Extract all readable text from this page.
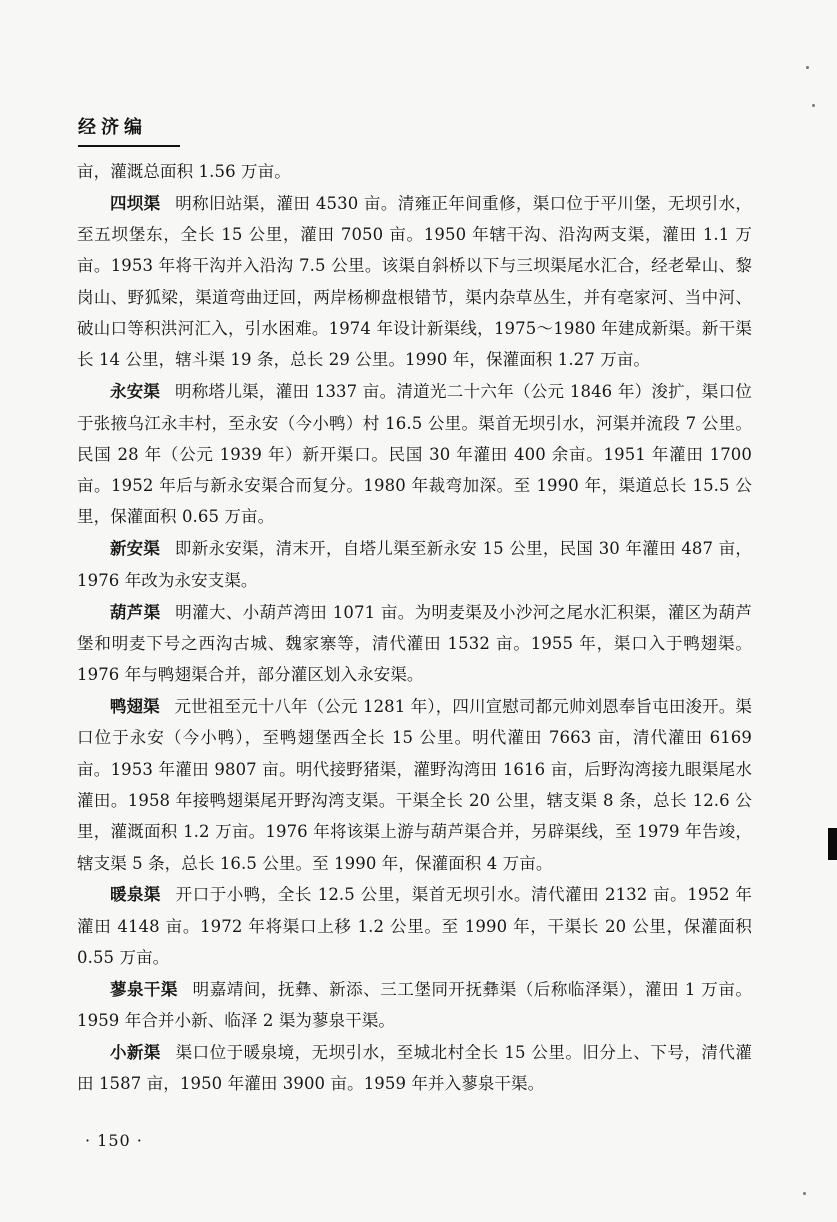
经济编

亩，灌溉总面积 1.56 万亩。

四坝渠 明称旧站渠，灌田 4530 亩。清雍正年间重修，渠口位于平川堡，无坝引水，至五坝堡东，全长 15 公里，灌田 7050 亩。1950 年辖干沟、沿沟两支渠，灌田 1.1 万亩。1953 年将干沟并入沿沟 7.5 公里。该渠自斜桥以下与三坝渠尾水汇合，经老晕山、黎岗山、野狐梁，渠道弯曲迂回，两岸杨柳盘根错节，渠内杂草丛生，并有亳家河、当中河、破山口等积洪河汇入，引水困难。1974 年设计新渠线，1975～1980 年建成新渠。新干渠长 14 公里，辖斗渠 19 条，总长 29 公里。1990 年，保灌面积 1.27 万亩。

永安渠 明称塔儿渠，灌田 1337 亩。清道光二十六年（公元 1846 年）浚扩，渠口位于张掖乌江永丰村，至永安（今小鸭）村 16.5 公里。渠首无坝引水，河渠并流段 7 公里。民国 28 年（公元 1939 年）新开渠口。民国 30 年灌田 400 余亩。1951 年灌田 1700 亩。1952 年后与新永安渠合而复分。1980 年裁弯加深。至 1990 年，渠道总长 15.5 公里，保灌面积 0.65 万亩。

新安渠 即新永安渠，清末开，自塔儿渠至新永安 15 公里，民国 30 年灌田 487 亩，1976 年改为永安支渠。

葫芦渠 明灌大、小葫芦湾田 1071 亩。为明麦渠及小沙河之尾水汇积渠，灌区为葫芦堡和明麦下号之西沟古城、魏家寨等，清代灌田 1532 亩。1955 年，渠口入于鸭翅渠。1976 年与鸭翅渠合并，部分灌区划入永安渠。

鸭翅渠 元世祖至元十八年（公元 1281 年），四川宣慰司都元帅刘恩奉旨屯田浚开。渠口位于永安（今小鸭），至鸭翅堡西全长 15 公里。明代灌田 7663 亩，清代灌田 6169 亩。1953 年灌田 9807 亩。明代接野猪渠，灌野沟湾田 1616 亩，后野沟湾接九眼渠尾水灌田。1958 年接鸭翅渠尾开野沟湾支渠。干渠全长 20 公里，辖支渠 8 条，总长 12.6 公里，灌溉面积 1.2 万亩。1976 年将该渠上游与葫芦渠合并，另辟渠线，至 1979 年告竣，辖支渠 5 条，总长 16.5 公里。至 1990 年，保灌面积 4 万亩。

暖泉渠 开口于小鸭，全长 12.5 公里，渠首无坝引水。清代灌田 2132 亩。1952 年灌田 4148 亩。1972 年将渠口上移 1.2 公里。至 1990 年，干渠长 20 公里，保灌面积 0.55 万亩。

蓼泉干渠 明嘉靖间，抚彝、新添、三工堡同开抚彝渠（后称临泽渠），灌田 1 万亩。1959 年合并小新、临泽 2 渠为蓼泉干渠。

小新渠 渠口位于暖泉境，无坝引水，至城北村全长 15 公里。旧分上、下号，清代灌田 1587 亩，1950 年灌田 3900 亩。1959 年并入蓼泉干渠。

· 150 ·
